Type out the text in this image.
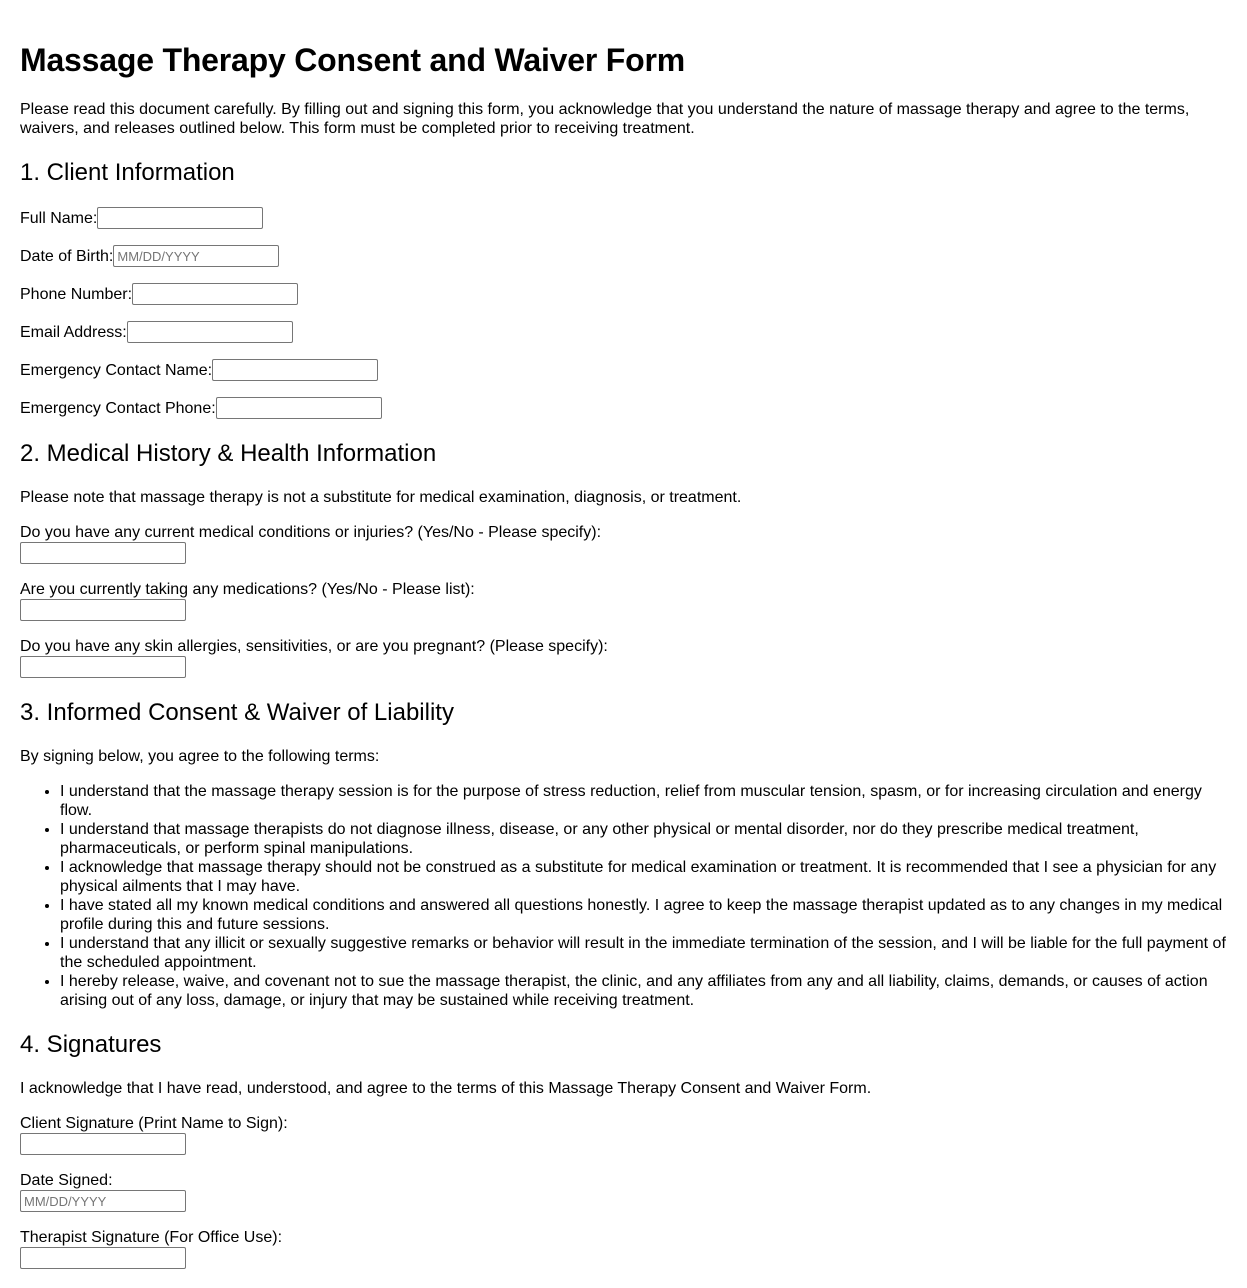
Massage Therapy Consent and Waiver Form

Please read this document carefully. By filling out and signing this form, you acknowledge that you understand the nature of massage therapy and agree to the terms, waivers, and releases outlined below. This form must be completed prior to receiving treatment.

1. Client Information
Full Name:
Date of Birth:
MM/DD/YYYY
Phone Number:
Email Address:
Emergency Contact Name:
Emergency Contact Phone:
2. Medical History & Health Information

Please note that massage therapy is not a substitute for medical examination, diagnosis, or treatment.

Do you have any current medical conditions or injuries? (Yes/No - Please specify):
Are you currently taking any medications? (Yes/No - Please list):
Do you have any skin allergies, sensitivities, or are you pregnant? (Please specify):
3. Informed Consent & Waiver of Liability

By signing below, you agree to the following terms:

• I understand that the massage therapy session is for the purpose of stress reduction, relief from muscular tension, spasm, or for increasing circulation and energy flow.
• I understand that massage therapists do not diagnose illness, disease, or any other physical or mental disorder, nor do they prescribe medical treatment, pharmaceuticals, or perform spinal manipulations.
• I acknowledge that massage therapy should not be construed as a substitute for medical examination or treatment. It is recommended that I see a physician for any physical ailments that I may have.
• I have stated all my known medical conditions and answered all questions honestly. I agree to keep the massage therapist updated as to any changes in my medical profile during this and future sessions.
• I understand that any illicit or sexually suggestive remarks or behavior will result in the immediate termination of the session, and I will be liable for the full payment of the scheduled appointment.
• I hereby release, waive, and covenant not to sue the massage therapist, the clinic, and any affiliates from any and all liability, claims, demands, or causes of action arising out of any loss, damage, or injury that may be sustained while receiving treatment.
4. Signatures

I acknowledge that I have read, understood, and agree to the terms of this Massage Therapy Consent and Waiver Form.

Client Signature (Print Name to Sign):
Date Signed:
MM/DD/YYYY
Therapist Signature (For Office Use):
